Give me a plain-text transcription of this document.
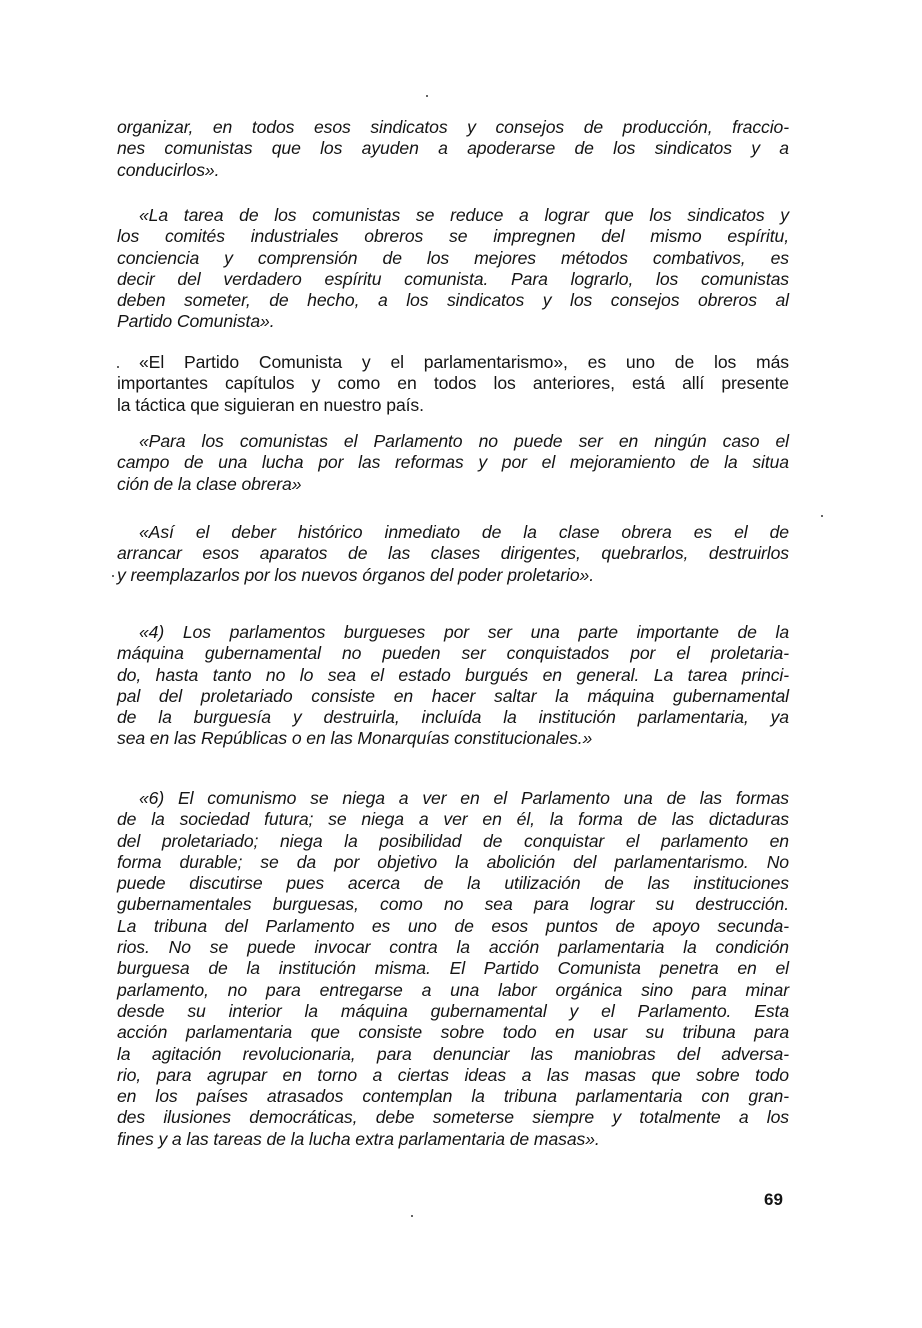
organizar, en todos esos sindicatos y consejos de producción, fraccio-
nes comunistas que los ayuden a apoderarse de los sindicatos y a
conducirlos».
«La tarea de los comunistas se reduce a lograr que los sindicatos y
los comités industriales obreros se impregnen del mismo espíritu,
conciencia y comprensión de los mejores métodos combativos, es
decir del verdadero espíritu comunista. Para lograrlo, los comunistas
deben someter, de hecho, a los sindicatos y los consejos obreros al
Partido Comunista».
«El Partido Comunista y el parlamentarismo», es uno de los más
importantes capítulos y como en todos los anteriores, está allí presente
la táctica que siguieran en nuestro país.
«Para los comunistas el Parlamento no puede ser en ningún caso el
campo de una lucha por las reformas y por el mejoramiento de la situa
ción de la clase obrera»
«Así el deber histórico inmediato de la clase obrera es el de
arrancar esos aparatos de las clases dirigentes, quebrarlos, destruirlos
y reemplazarlos por los nuevos órganos del poder proletario».
«4) Los parlamentos burgueses por ser una parte importante de la
máquina gubernamental no pueden ser conquistados por el proletaria-
do, hasta tanto no lo sea el estado burgués en general. La tarea princi-
pal del proletariado consiste en hacer saltar la máquina gubernamental
de la burguesía y destruirla, incluída la institución parlamentaria, ya
sea en las Repúblicas o en las Monarquías constitucionales.»
«6) El comunismo se niega a ver en el Parlamento una de las formas
de la sociedad futura; se niega a ver en él, la forma de las dictaduras
del proletariado; niega la posibilidad de conquistar el parlamento en
forma durable; se da por objetivo la abolición del parlamentarismo. No
puede discutirse pues acerca de la utilización de las instituciones
gubernamentales burguesas, como no sea para lograr su destrucción.
La tribuna del Parlamento es uno de esos puntos de apoyo secunda-
rios. No se puede invocar contra la acción parlamentaria la condición
burguesa de la institución misma. El Partido Comunista penetra en el
parlamento, no para entregarse a una labor orgánica sino para minar
desde su interior la máquina gubernamental y el Parlamento. Esta
acción parlamentaria que consiste sobre todo en usar su tribuna para
la agitación revolucionaria, para denunciar las maniobras del adversa-
rio, para agrupar en torno a ciertas ideas a las masas que sobre todo
en los países atrasados contemplan la tribuna parlamentaria con gran-
des ilusiones democráticas, debe someterse siempre y totalmente a los
fines y a las tareas de la lucha extra parlamentaria de masas».
69
